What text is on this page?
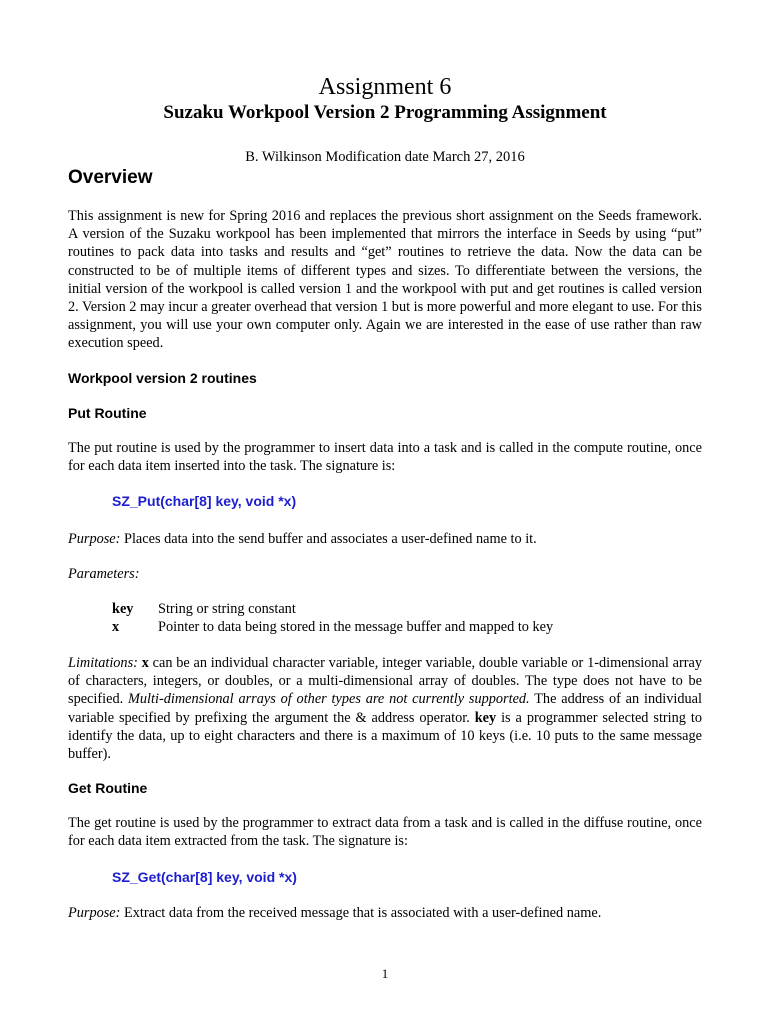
Assignment 6
Suzaku Workpool Version 2 Programming Assignment
B. Wilkinson Modification date March 27, 2016
Overview

This assignment is new for Spring 2016 and replaces the previous short assignment on the Seeds framework. A version of the Suzaku workpool has been implemented that mirrors the interface in Seeds by using “put” routines to pack data into tasks and results and “get” routines to retrieve the data. Now the data can be constructed to be of multiple items of different types and sizes. To differentiate between the versions, the initial version of the workpool is called version 1 and the workpool with put and get routines is called version 2. Version 2 may incur a greater overhead that version 1 but is more powerful and more elegant to use. For this assignment, you will use your own computer only. Again we are interested in the ease of use rather than raw execution speed.

Workpool version 2 routines
Put Routine

The put routine is used by the programmer to insert data into a task and is called in the compute routine, once for each data item inserted into the task. The signature is:

SZ_Put(char[8] key, void *x)

Purpose: Places data into the send buffer and associates a user-defined name to it.

Parameters:

key String or string constant
x	Pointer to data being stored in the message buffer and mapped to key

Limitations: x can be an individual character variable, integer variable, double variable or 1-dimensional array of characters, integers, or doubles, or a multi-dimensional array of doubles. The type does not have to be specified. Multi-dimensional arrays of other types are not currently supported. The address of an individual variable specified by prefixing the argument the & address operator. key is a programmer selected string to identify the data, up to eight characters and there is a maximum of 10 keys (i.e. 10 puts to the same message buffer).

Get Routine

The get routine is used by the programmer to extract data from a task and is called in the diffuse routine, once for each data item extracted from the task. The signature is:

SZ_Get(char[8] key, void *x)

Purpose: Extract data from the received message that is associated with a user-defined name.

1
